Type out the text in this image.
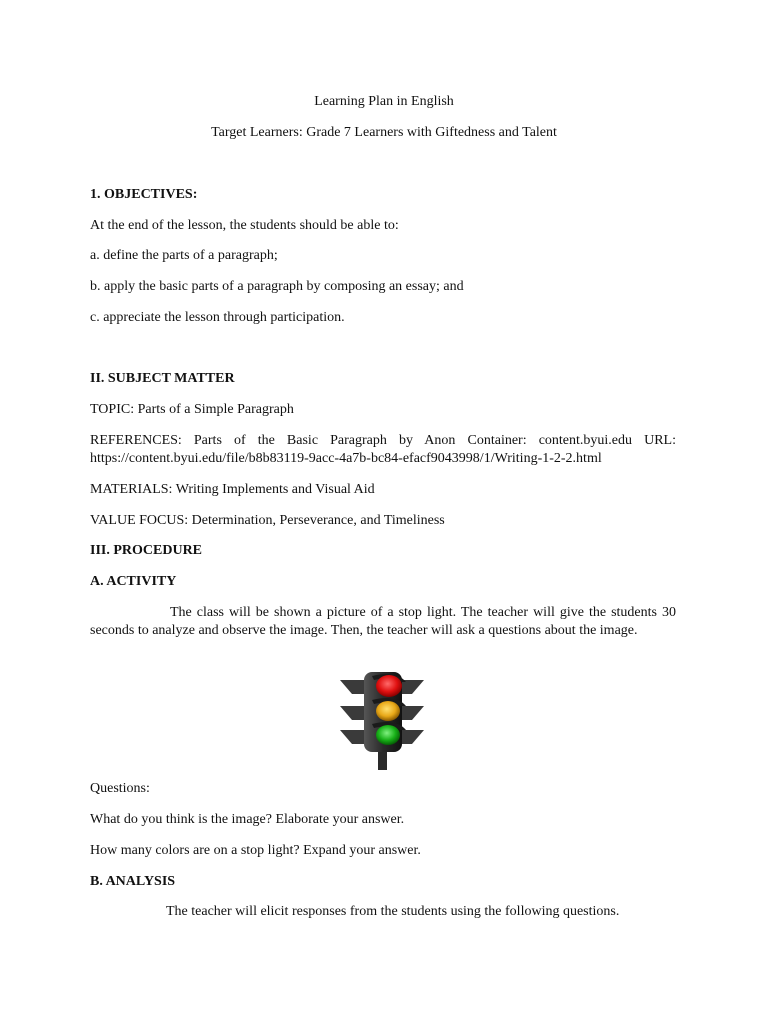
Learning Plan in English
Target Learners: Grade 7 Learners with Giftedness and Talent
1. OBJECTIVES:
At the end of the lesson, the students should be able to:
a. define the parts of a paragraph;
b. apply the basic parts of a paragraph by composing an essay; and
c. appreciate the lesson through participation.
II. SUBJECT MATTER
TOPIC: Parts of a Simple Paragraph
REFERENCES: Parts of the Basic Paragraph by Anon Container: content.byui.edu URL:
https://content.byui.edu/file/b8b83119-9acc-4a7b-bc84-efacf9043998/1/Writing-1-2-2.html
MATERIALS: Writing Implements and Visual Aid
VALUE FOCUS: Determination, Perseverance, and Timeliness
III. PROCEDURE
A. ACTIVITY
The class will be shown a picture of a stop light. The teacher will give the students 30 seconds to analyze and observe the image. Then, the teacher will ask a questions about the image.
Questions:
What do you think is the image? Elaborate your answer.
How many colors are on a stop light? Expand your answer.
B. ANALYSIS
The teacher will elicit responses from the students using the following questions.
